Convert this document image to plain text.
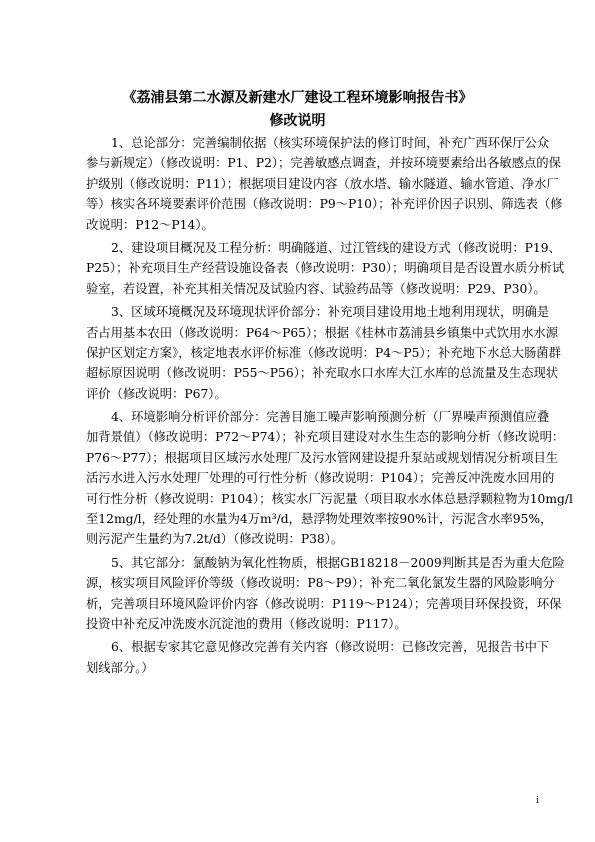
《荔浦县第二水源及新建水厂建设工程环境影响报告书》
修改说明
1、总论部分：完善编制依据（核实环境保护法的修订时间，补充广西环保厅公众
参与新规定）（修改说明：P1、P2）；完善敏感点调查，并按环境要素给出各敏感点的保
护级别（修改说明：P11）；根据项目建设内容（放水塔、输水隧道、输水管道、净水厂
等）核实各环境要素评价范围（修改说明：P9～P10）；补充评价因子识别、筛选表（修
改说明：P12～P14）。
2、建设项目概况及工程分析：明确隧道、过江管线的建设方式（修改说明：P19、
P25）；补充项目生产经营设施设备表（修改说明：P30）；明确项目是否设置水质分析试
验室，若设置，补充其相关情况及试验内容、试验药品等（修改说明：P29、P30）。
3、区域环境概况及环境现状评价部分：补充项目建设用地土地利用现状，明确是
否占用基本农田（修改说明：P64～P65）；根据《桂林市荔浦县乡镇集中式饮用水水源
保护区划定方案》，核定地表水评价标准（修改说明：P4～P5）；补充地下水总大肠菌群
超标原因说明（修改说明：P55～P56）；补充取水口水库大江水库的总流量及生态现状
评价（修改说明：P67）。
4、环境影响分析评价部分：完善目施工噪声影响预测分析（厂界噪声预测值应叠
加背景值）（修改说明：P72～P74）；补充项目建设对水生生态的影响分析（修改说明：
P76～P77）；根据项目区域污水处理厂及污水管网建设提升泵站或规划情况分析项目生
活污水进入污水处理厂处理的可行性分析（修改说明：P104）；完善反冲洗废水回用的
可行性分析（修改说明：P104）；核实水厂污泥量（项目取水水体总悬浮颗粒物为10mg/l
至12mg/l，经处理的水量为4万m³/d，悬浮物处理效率按90%计，污泥含水率95%，
则污泥产生量约为7.2t/d）（修改说明：P38）。
5、其它部分：氯酸钠为氧化性物质，根据GB18218－2009判断其是否为重大危险
源，核实项目风险评价等级（修改说明：P8～P9）；补充二氧化氯发生器的风险影响分
析，完善项目环境风险评价内容（修改说明：P119～P124）；完善项目环保投资，环保
投资中补充反冲洗废水沉淀池的费用（修改说明：P117）。
6、根据专家其它意见修改完善有关内容（修改说明：已修改完善，见报告书中下
划线部分。）
i
